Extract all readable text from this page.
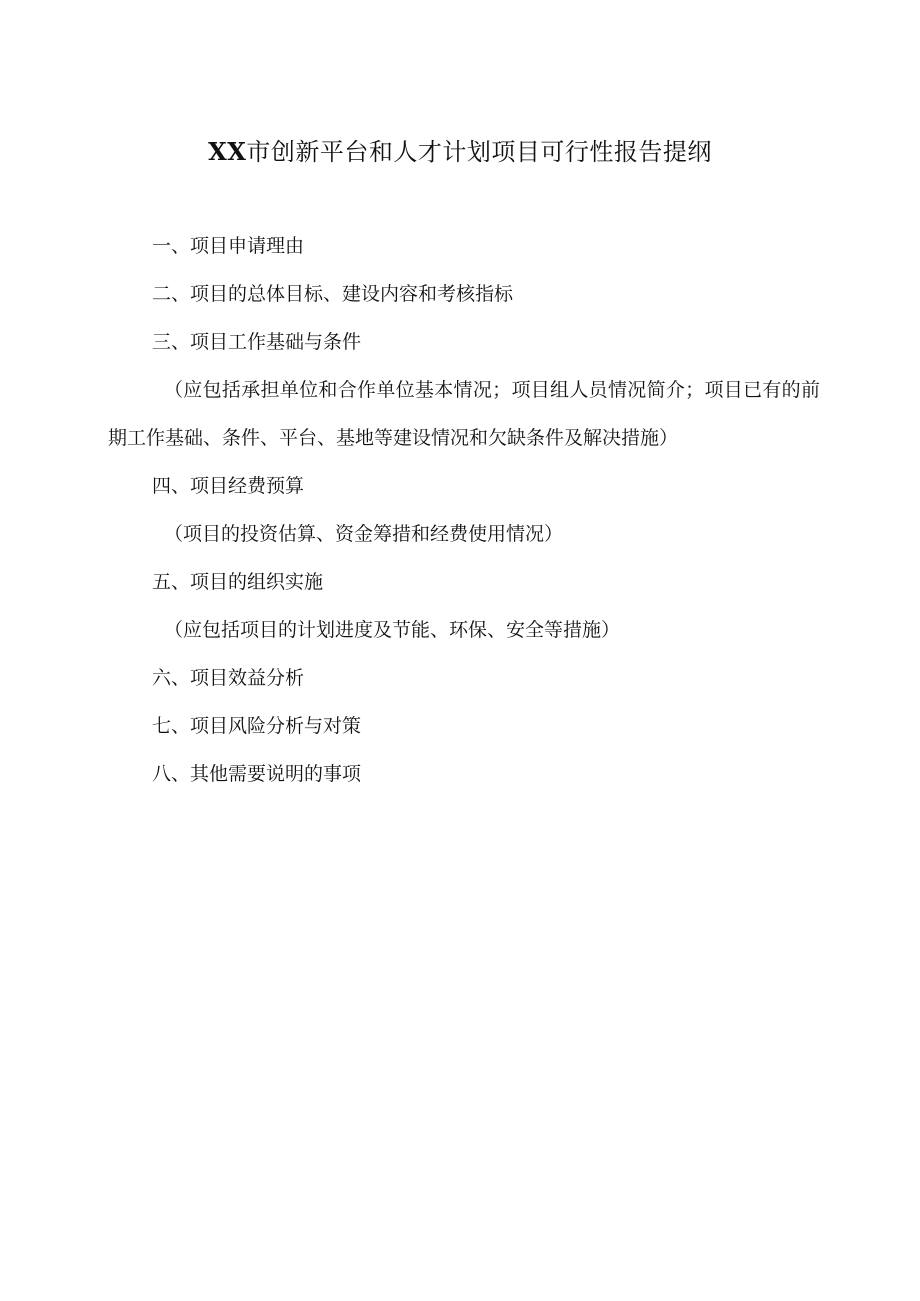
XX市创新平台和人才计划项目可行性报告提纲

一、项目申请理由

二、项目的总体目标、建设内容和考核指标

三、项目工作基础与条件

（应包括承担单位和合作单位基本情况；项目组人员情况简介；项目已有的前期工作基础、条件、平台、基地等建设情况和欠缺条件及解决措施）

四、项目经费预算

（项目的投资估算、资金筹措和经费使用情况）

五、项目的组织实施

（应包括项目的计划进度及节能、环保、安全等措施）

六、项目效益分析

七、项目风险分析与对策

八、其他需要说明的事项
